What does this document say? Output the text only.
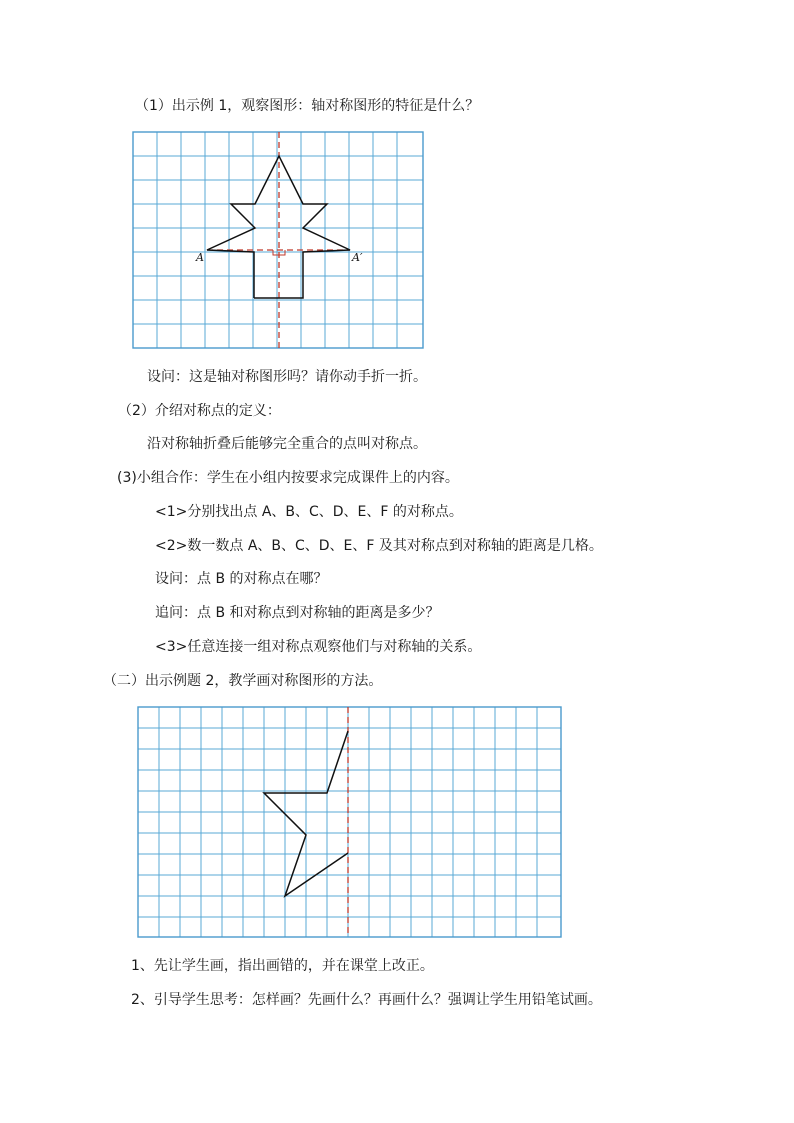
（1）出示例 1，观察图形：轴对称图形的特征是什么？
A	A′
设问：这是轴对称图形吗？请你动手折一折。
（2）介绍对称点的定义：
沿对称轴折叠后能够完全重合的点叫对称点。
(3)小组合作：学生在小组内按要求完成课件上的内容。
<1>分别找出点 A、B、C、D、E、F 的对称点。
<2>数一数点 A、B、C、D、E、F 及其对称点到对称轴的距离是几格。
设问：点 B 的对称点在哪？
追问：点 B 和对称点到对称轴的距离是多少？
<3>任意连接一组对称点观察他们与对称轴的关系。
（二）出示例题 2，教学画对称图形的方法。
1、先让学生画，指出画错的，并在课堂上改正。
2、引导学生思考：怎样画？先画什么？再画什么？强调让学生用铅笔试画。
